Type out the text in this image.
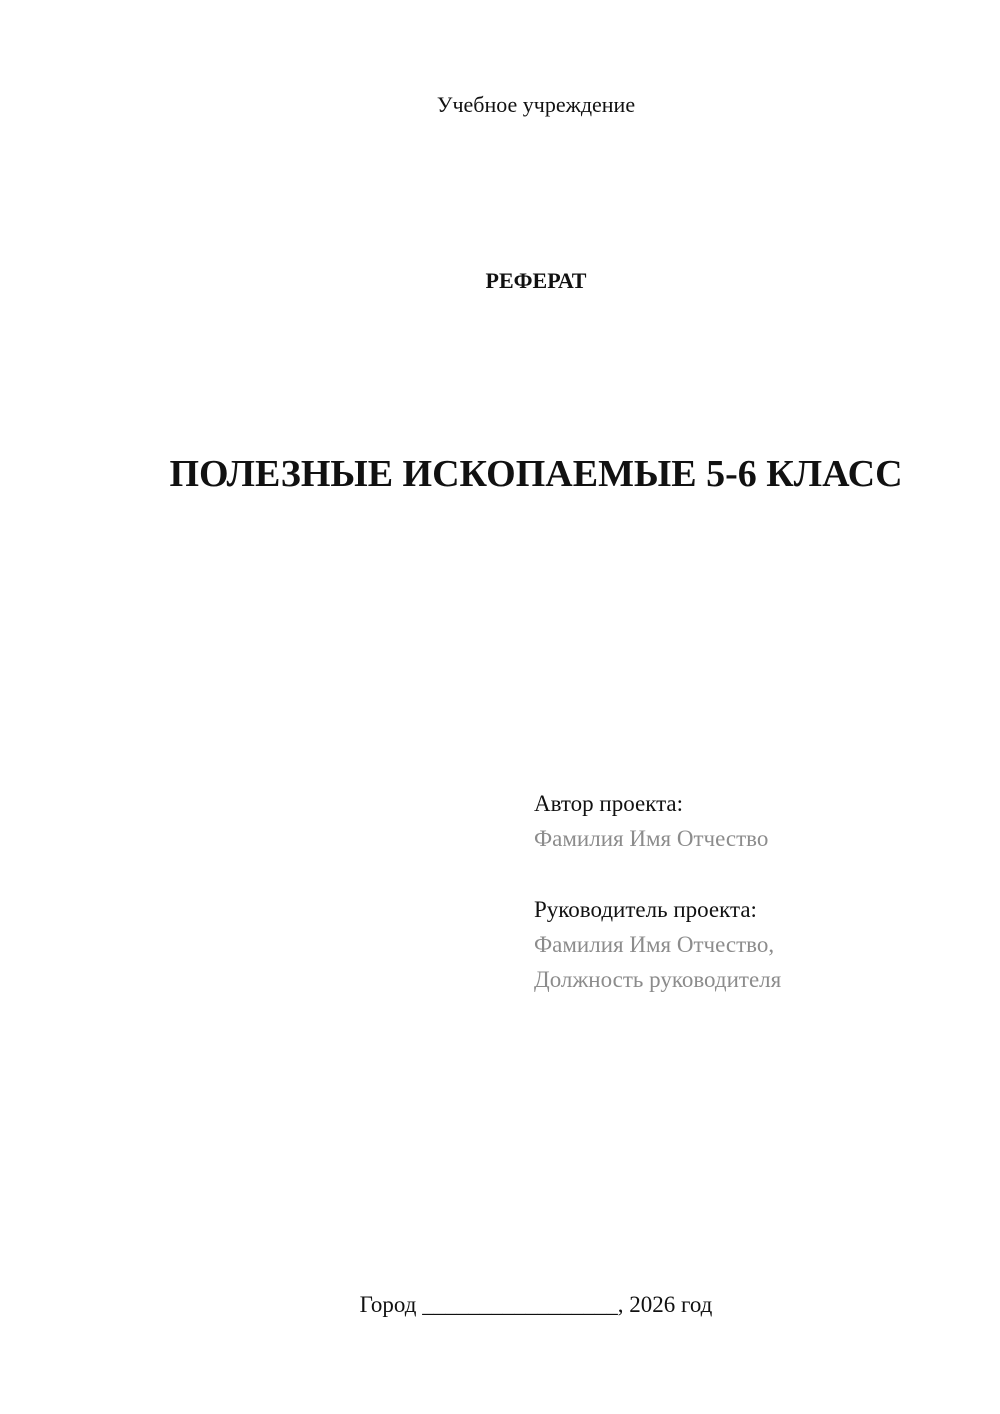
Учебное учреждение
РЕФЕРАТ
ПОЛЕЗНЫЕ ИСКОПАЕМЫЕ 5-6 КЛАСС
Автор проекта:
Фамилия Имя Отчество
Руководитель проекта:
Фамилия Имя Отчество,
Должность руководителя
Город _________________, 2026 год
